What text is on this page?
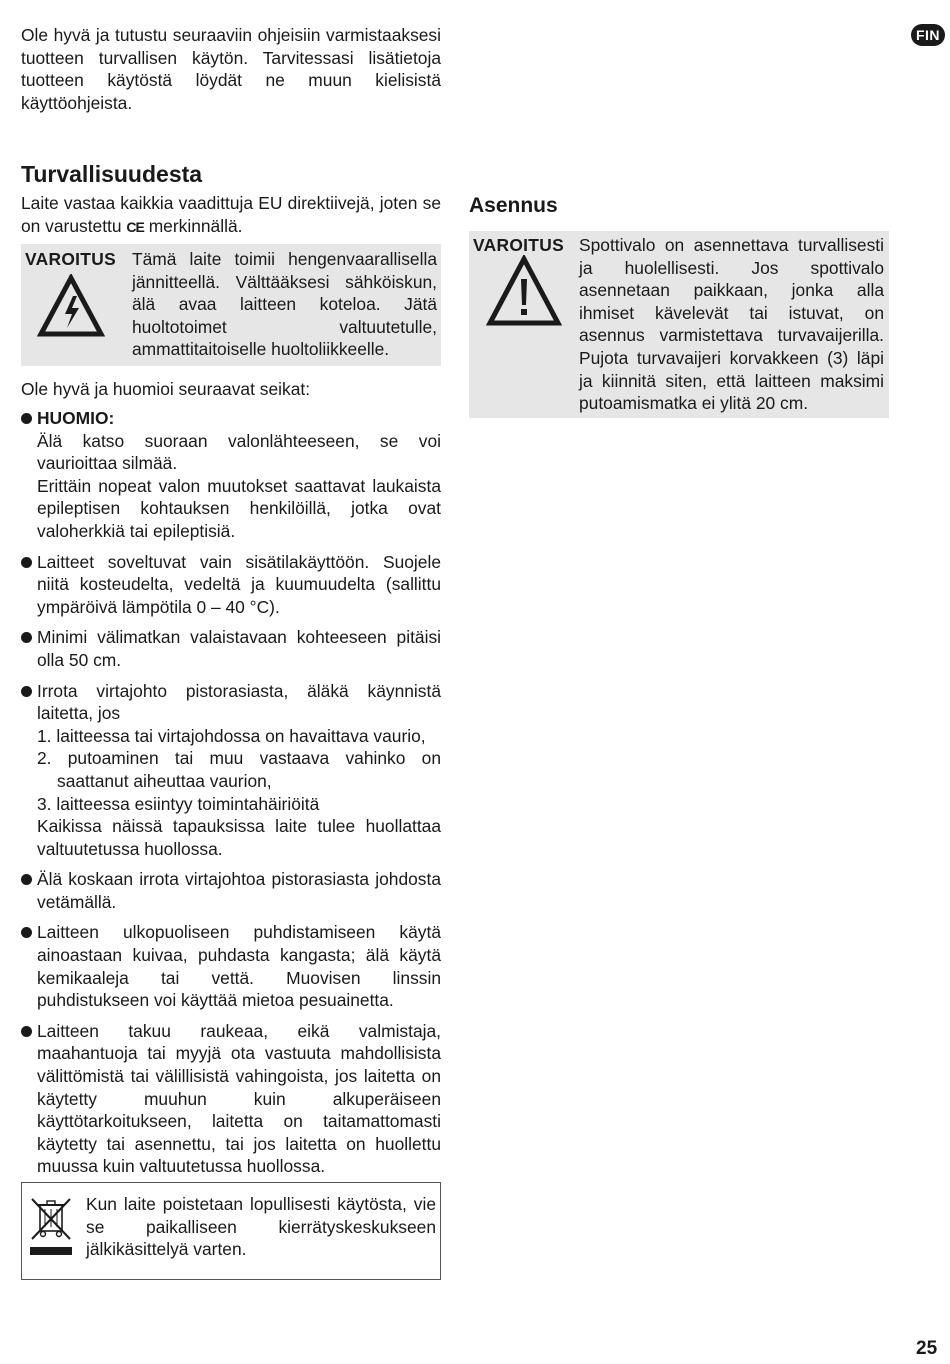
Ole hyvä ja tutustu seuraaviin ohjeisiin varmistaaksesi tuotteen turvallisen käytön. Tarvitessasi lisätietoja tuotteen käytöstä löydät ne muun kielisistä käyttöohjeista.

FIN
Turvallisuudesta

Laite vastaa kaikkia vaadittuja EU direktiivejä, joten se on varustettu CE merkinnällä.

VAROITUS Tämä laite toimii hengenvaarallisella jännitteellä. Välttääksesi sähköiskun, älä avaa laitteen koteloa. Jätä huoltotoimet valtuutetulle, ammattitaitoiselle huoltoliikkeelle.

Ole hyvä ja huomioi seuraavat seikat:

HUOMIO:

Älä katso suoraan valonlähteeseen, se voi vaurioittaa silmää.

Erittäin nopeat valon muutokset saattavat laukaista epileptisen kohtauksen henkilöillä, jotka ovat valoherkkiä tai epileptisiä.

Laitteet soveltuvat vain sisätilakäyttöön. Suojele niitä kosteudelta, vedeltä ja kuumuudelta (sallittu ympäröivä lämpötila 0 – 40 °C).

Minimi välimatkan valaistavaan kohteeseen pitäisi olla 50 cm.

Irrota virtajohto pistorasiasta, äläkä käynnistä laitetta, jos

1. laitteessa tai virtajohdossa on havaittava vaurio,

2. putoaminen tai muu vastaava vahinko on saattanut aiheuttaa vaurion,

3. laitteessa esiintyy toimintahäiriöitä

Kaikissa näissä tapauksissa laite tulee huollattaa valtuutetussa huollossa.

Älä koskaan irrota virtajohtoa pistorasiasta johdosta vetämällä.

Laitteen ulkopuoliseen puhdistamiseen käytä ainoastaan kuivaa, puhdasta kangasta; älä käytä kemikaaleja tai vettä. Muovisen linssin puhdistukseen voi käyttää mietoa pesuainetta.

Laitteen takuu raukeaa, eikä valmistaja, maahantuoja tai myyjä ota vastuuta mahdollisista välittömistä tai välillisistä vahingoista, jos laitetta on käytetty muuhun kuin alkuperäiseen käyttötarkoitukseen, laitetta on taitamattomasti käytetty tai asennettu, tai jos laitetta on huollettu muussa kuin valtuutetussa huollossa.

Kun laite poistetaan lopullisesti käytösta, vie se paikalliseen kierrätyskeskukseen jälkikäsittelyä varten.

Asennus
VAROITUS Spottivalo on asennettava turvallisesti ja huolellisesti. Jos spottivalo asennetaan paikkaan, jonka alla ihmiset kävelevät tai istuvat, on asennus varmistettava turvavaijerilla. Pujota turvavaijeri korvakkeen (3) läpi ja kiinnitä siten, että laitteen maksimi putoamismatka ei ylitä 20 cm.

25
